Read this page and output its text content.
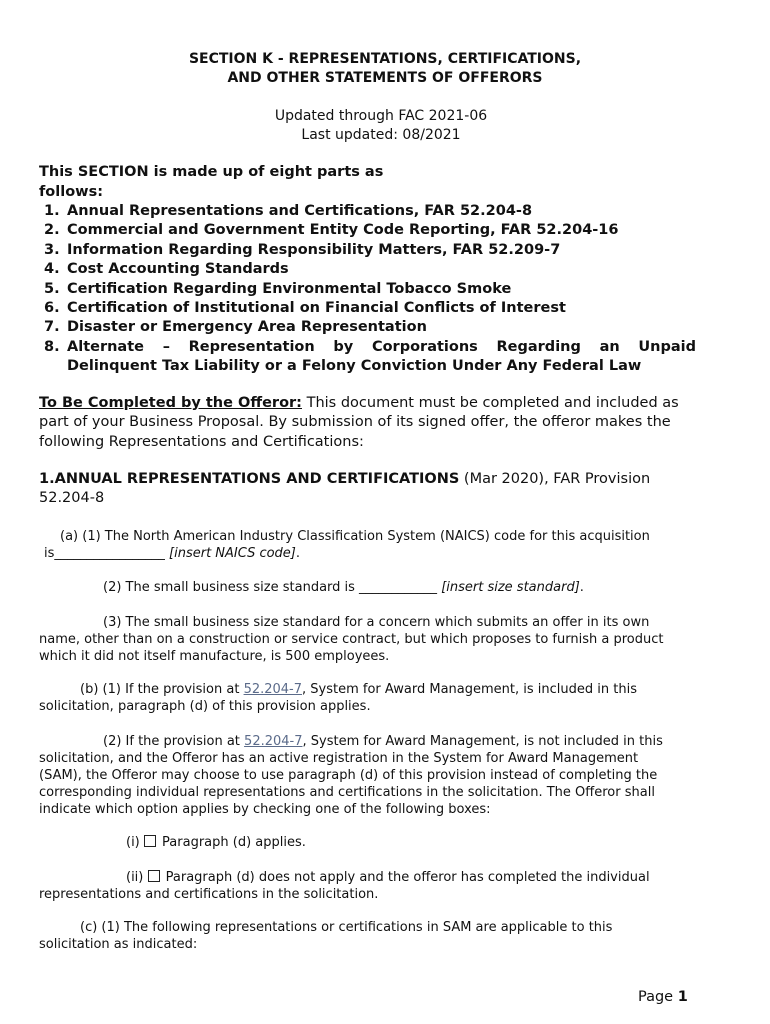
SECTION K - REPRESENTATIONS, CERTIFICATIONS,
AND OTHER STATEMENTS OF OFFERORS
Updated through FAC 2021-06
Last updated: 08/2021
This SECTION is made up of eight parts as follows:
1. Annual Representations and Certifications, FAR 52.204-8
2. Commercial and Government Entity Code Reporting, FAR 52.204-16
3. Information Regarding Responsibility Matters, FAR 52.209-7
4. Cost Accounting Standards
5. Certification Regarding Environmental Tobacco Smoke
6. Certification of Institutional on Financial Conflicts of Interest
7. Disaster or Emergency Area Representation
8. Alternate – Representation by Corporations Regarding an Unpaid
Delinquent Tax Liability or a Felony Conviction Under Any Federal Law
To Be Completed by the Offeror: This document must be completed and included as part of your Business Proposal. By submission of its signed offer, the offeror makes the following Representations and Certifications:
1.ANNUAL REPRESENTATIONS AND CERTIFICATIONS (Mar 2020), FAR Provision 52.204-8
(a) (1) The North American Industry Classification System (NAICS) code for this acquisition
is_________________ [insert NAICS code].
(2) The small business size standard is ____________ [insert size standard].
(3) The small business size standard for a concern which submits an offer in its own
name, other than on a construction or service contract, but which proposes to furnish a product
which it did not itself manufacture, is 500 employees.
(b) (1) If the provision at 52.204-7, System for Award Management, is included in this
solicitation, paragraph (d) of this provision applies.
(2) If the provision at 52.204-7, System for Award Management, is not included in this
solicitation, and the Offeror has an active registration in the System for Award Management
(SAM), the Offeror may choose to use paragraph (d) of this provision instead of completing the
corresponding individual representations and certifications in the solicitation. The Offeror shall
indicate which option applies by checking one of the following boxes:
(i)  Paragraph (d) applies.
(ii)  Paragraph (d) does not apply and the offeror has completed the individual
representations and certifications in the solicitation.
(c) (1) The following representations or certifications in SAM are applicable to this
solicitation as indicated:
Page 1
